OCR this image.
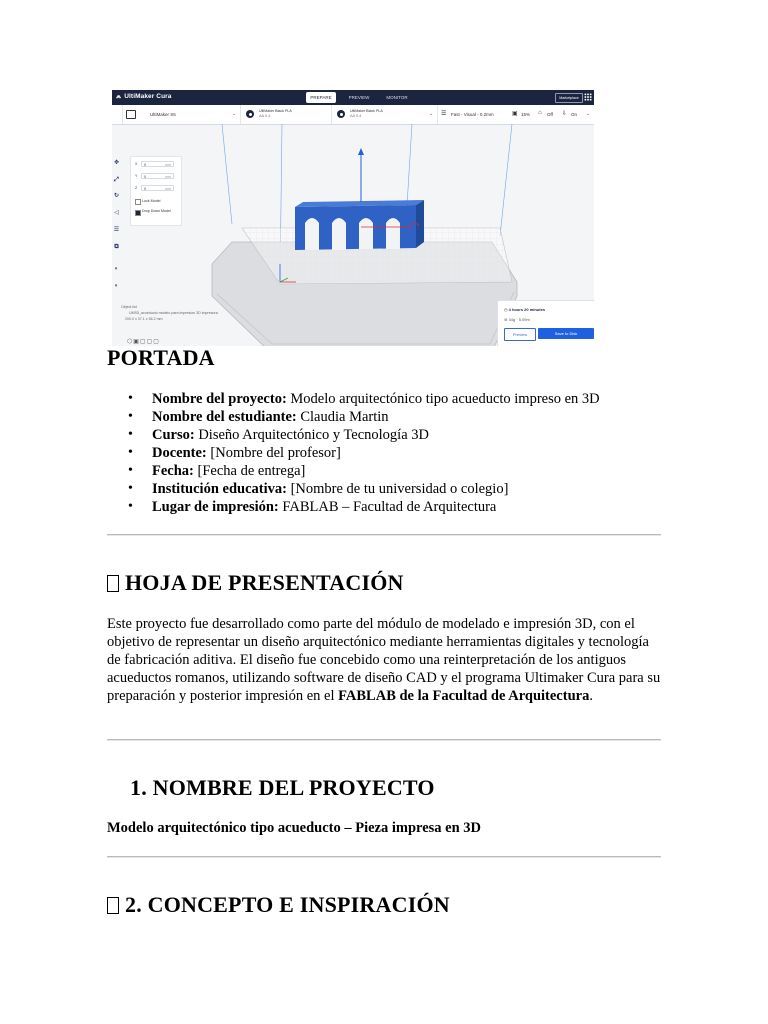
⩕ UltiMaker Cura	PREPARE	PREVIEW	MONITOR	Marketplace
UltiMaker S5	⌄	UltiMaker Black PLA
AA 0.4
UltiMaker Black PLA
AA 0.4	⌄ ☰ Fast - Visual - 0.2mm	▣ 15% ⌂ Off ⇩ On ⌄
✥
⤢
↻
◁
☰
⧉
◐
◐
X	0	mm
Y	0	mm
Z	0	mm
Lock Model
Drop Down Model
Object list
UMS5_acueducto modelo para impresion 3D impresora
200.0 x 37.1 x 56.2 mm
⬡▣▢▢▢
◷ 4 hours 20 minutes
⊚ 34g · 5.09m
Preview	Save to Disk
PORTADA
• Nombre del proyecto: Modelo arquitectónico tipo acueducto impreso en 3D
• Nombre del estudiante: Claudia Martin
• Curso: Diseño Arquitectónico y Tecnología 3D
• Docente: [Nombre del profesor]
• Fecha: [Fecha de entrega]
• Institución educativa: [Nombre de tu universidad o colegio]
• Lugar de impresión: FABLAB – Facultad de Arquitectura
HOJA DE PRESENTACIÓN

Este proyecto fue desarrollado como parte del módulo de modelado e impresión 3D, con el objetivo de representar un diseño arquitectónico mediante herramientas digitales y tecnología de fabricación aditiva. El diseño fue concebido como una reinterpretación de los antiguos acueductos romanos, utilizando software de diseño CAD y el programa Ultimaker Cura para su preparación y posterior impresión en el FABLAB de la Facultad de Arquitectura.

1. NOMBRE DEL PROYECTO

Modelo arquitectónico tipo acueducto – Pieza impresa en 3D

2. CONCEPTO E INSPIRACIÓN
